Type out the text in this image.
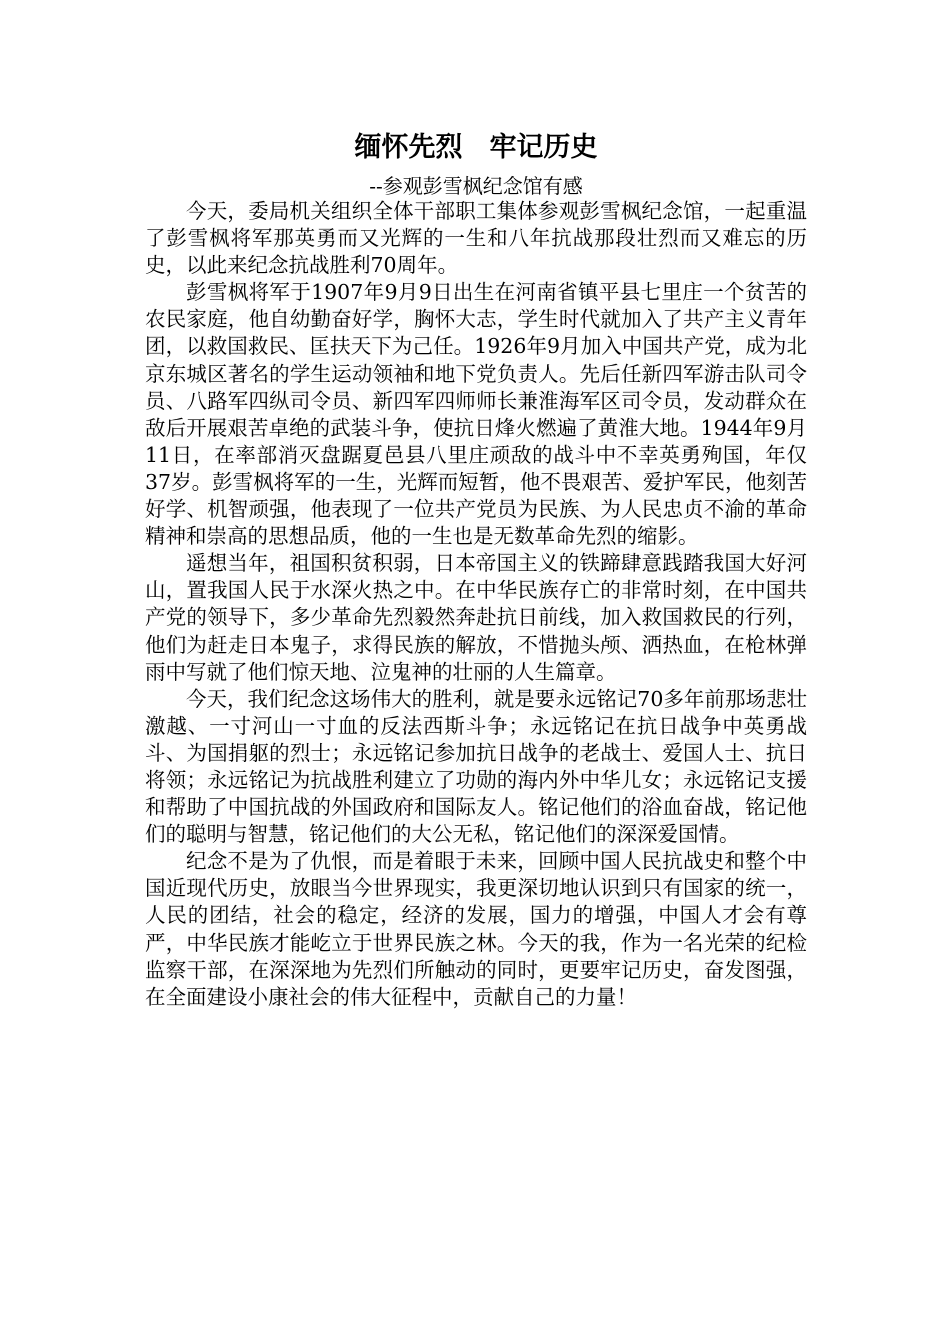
缅怀先烈　牢记历史
--参观彭雪枫纪念馆有感

今天，委局机关组织全体干部职工集体参观彭雪枫纪念馆，一起重温了彭雪枫将军那英勇而又光辉的一生和八年抗战那段壮烈而又难忘的历史，以此来纪念抗战胜利70周年。

彭雪枫将军于1907年9月9日出生在河南省镇平县七里庄一个贫苦的农民家庭，他自幼勤奋好学，胸怀大志，学生时代就加入了共产主义青年团，以救国救民、匡扶天下为己任。1926年9月加入中国共产党，成为北京东城区著名的学生运动领袖和地下党负责人。先后任新四军游击队司令员、八路军四纵司令员、新四军四师师长兼淮海军区司令员，发动群众在敌后开展艰苦卓绝的武装斗争，使抗日烽火燃遍了黄淮大地。1944年9月11日，在率部消灭盘踞夏邑县八里庄顽敌的战斗中不幸英勇殉国，年仅37岁。彭雪枫将军的一生，光辉而短暂，他不畏艰苦、爱护军民，他刻苦好学、机智顽强，他表现了一位共产党员为民族、为人民忠贞不渝的革命精神和崇高的思想品质，他的一生也是无数革命先烈的缩影。

遥想当年，祖国积贫积弱，日本帝国主义的铁蹄肆意践踏我国大好河山，置我国人民于水深火热之中。在中华民族存亡的非常时刻，在中国共产党的领导下，多少革命先烈毅然奔赴抗日前线，加入救国救民的行列，他们为赶走日本鬼子，求得民族的解放，不惜抛头颅、洒热血，在枪林弹雨中写就了他们惊天地、泣鬼神的壮丽的人生篇章。

今天，我们纪念这场伟大的胜利，就是要永远铭记70多年前那场悲壮激越、一寸河山一寸血的反法西斯斗争；永远铭记在抗日战争中英勇战斗、为国捐躯的烈士；永远铭记参加抗日战争的老战士、爱国人士、抗日将领；永远铭记为抗战胜利建立了功勋的海内外中华儿女；永远铭记支援和帮助了中国抗战的外国政府和国际友人。铭记他们的浴血奋战，铭记他们的聪明与智慧，铭记他们的大公无私，铭记他们的深深爱国情。

纪念不是为了仇恨，而是着眼于未来，回顾中国人民抗战史和整个中国近现代历史，放眼当今世界现实，我更深切地认识到只有国家的统一，人民的团结，社会的稳定，经济的发展，国力的增强，中国人才会有尊严，中华民族才能屹立于世界民族之林。今天的我，作为一名光荣的纪检监察干部，在深深地为先烈们所触动的同时，更要牢记历史，奋发图强，在全面建设小康社会的伟大征程中，贡献自己的力量！
